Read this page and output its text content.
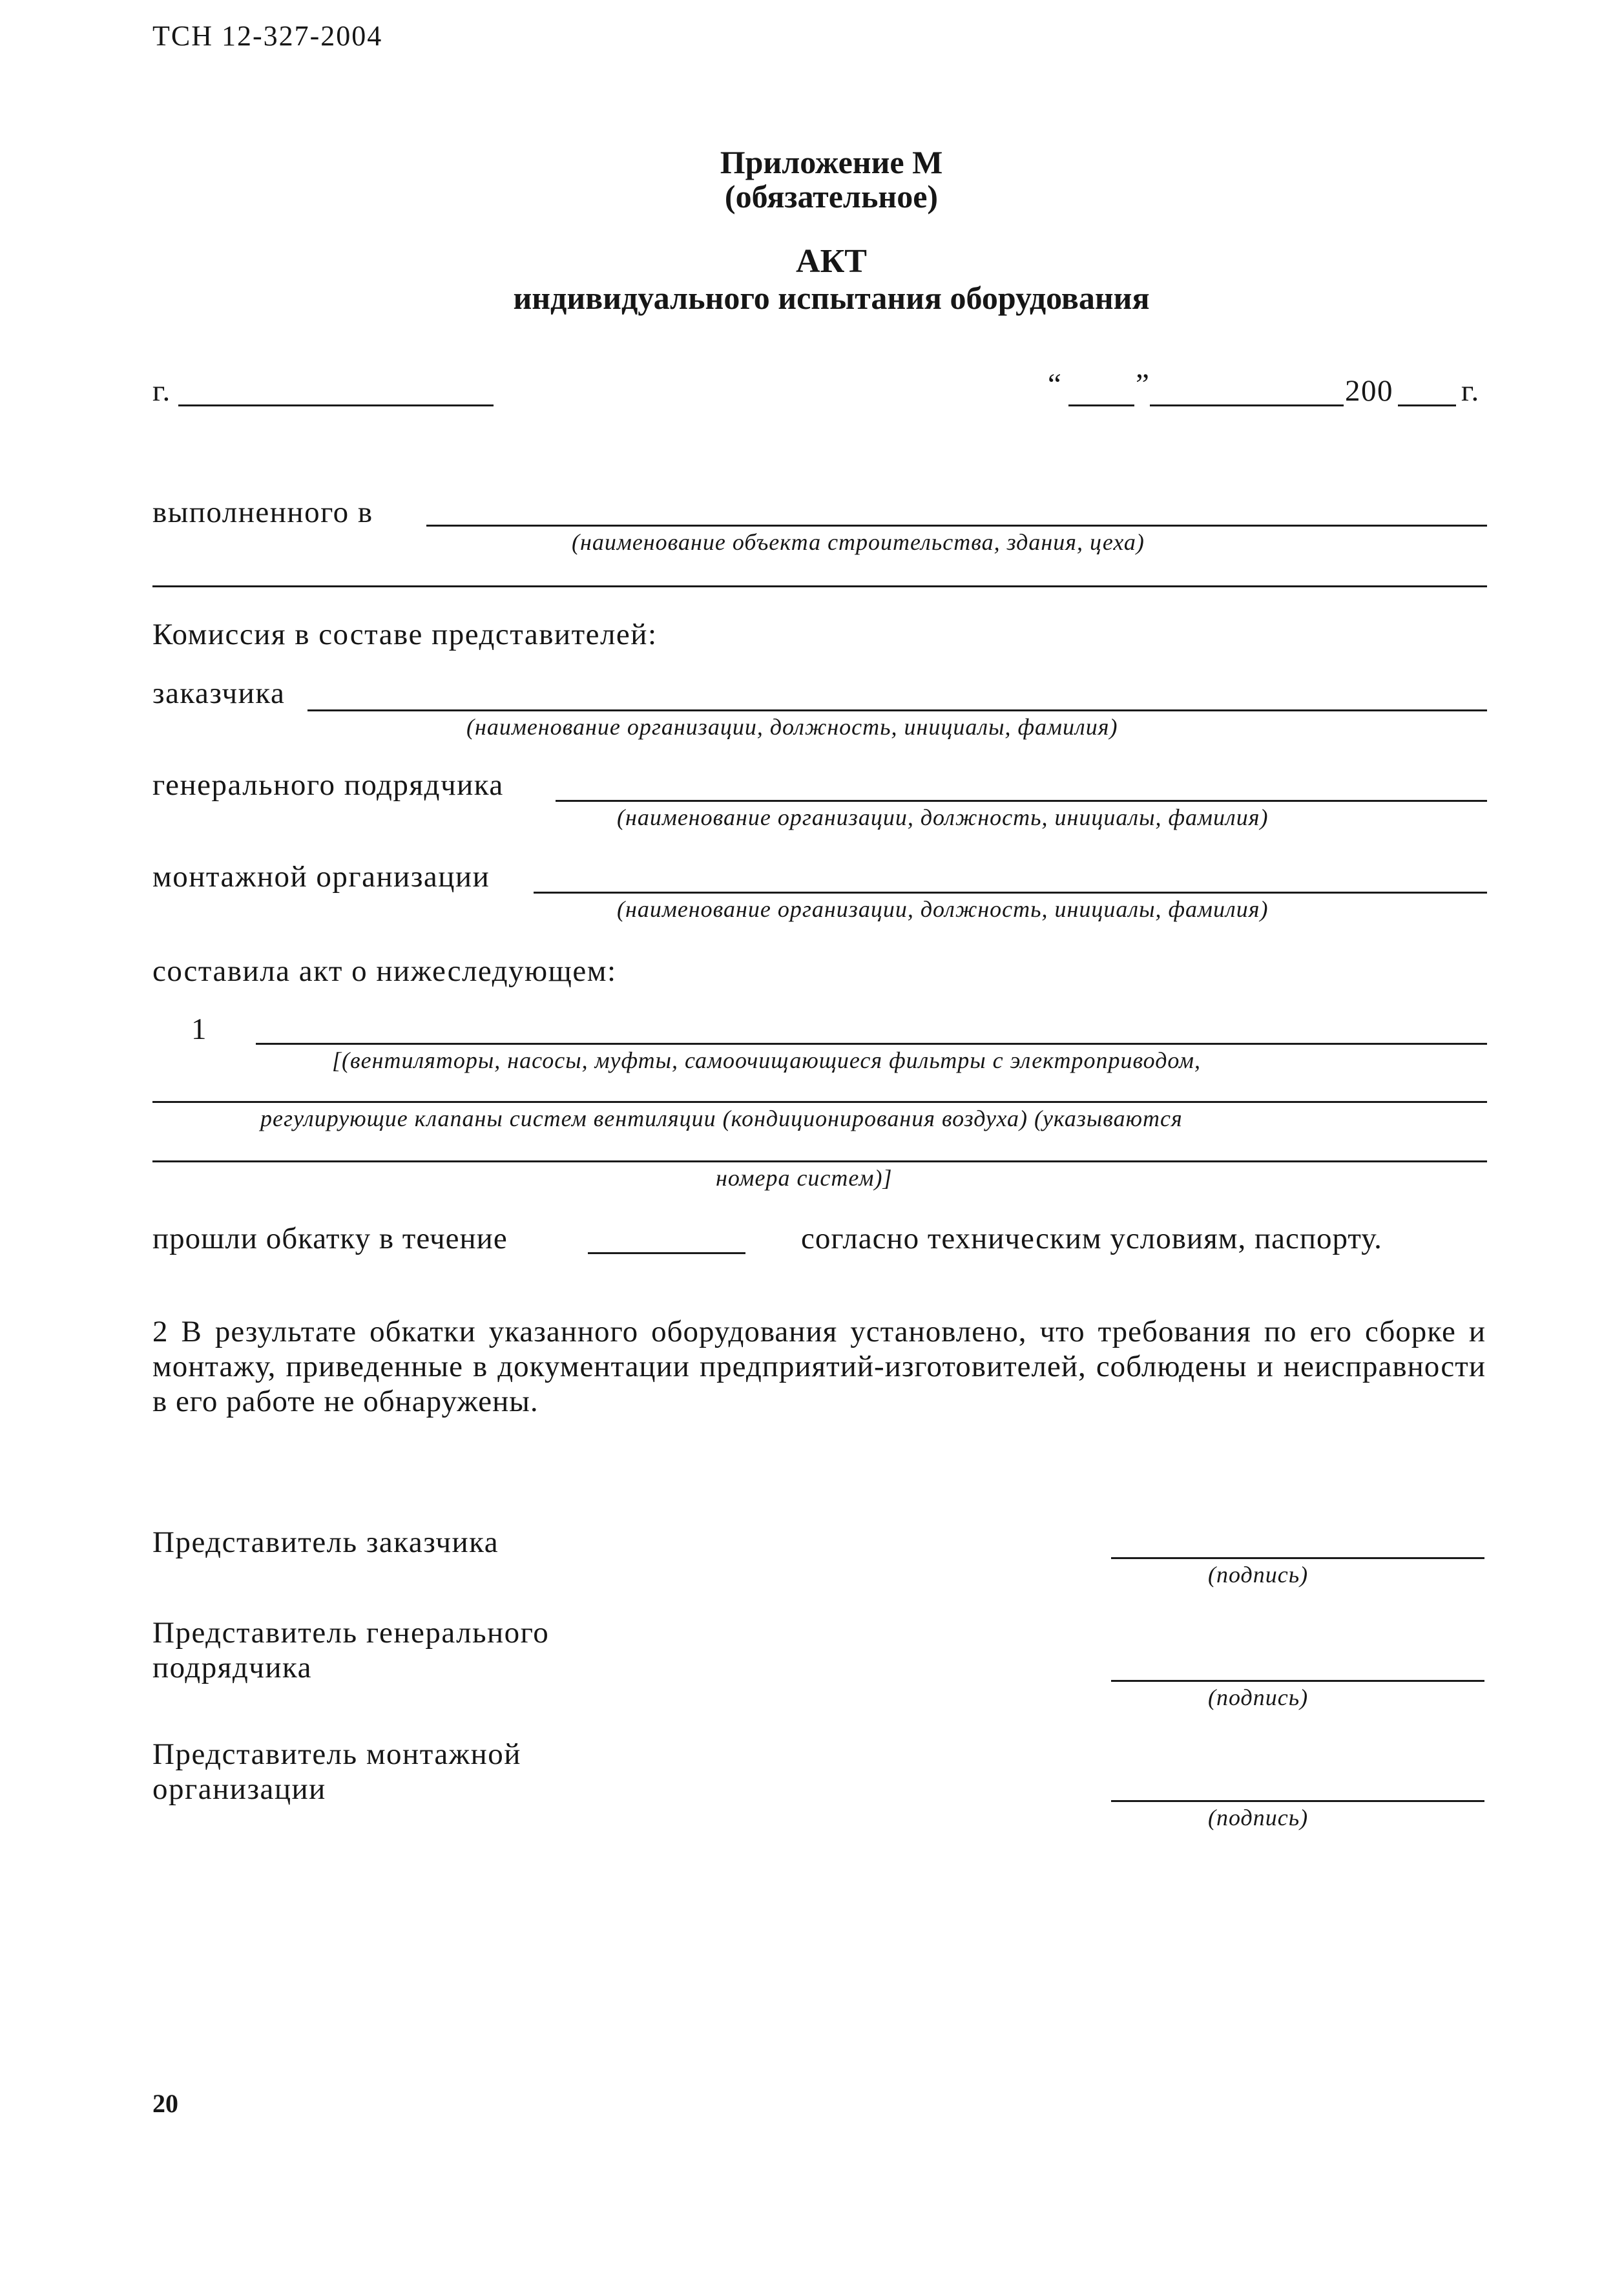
ТСН 12-327-2004
Приложение М
(обязательное)
АКТ
индивидуального испытания оборудования
г.	“ ”	200 г.
выполненного в
(наименование объекта строительства, здания, цеха)
Комиссия в составе представителей:
заказчика
(наименование организации, должность, инициалы, фамилия)
генерального подрядчика
(наименование организации, должность, инициалы, фамилия)
монтажной организации
(наименование организации, должность, инициалы, фамилия)
составила акт о нижеследующем:
1
[(вентиляторы, насосы, муфты, самоочищающиеся фильтры с электроприводом,
регулирующие клапаны систем вентиляции (кондиционирования воздуха) (указываются
номера систем)]
прошли обкатку в течение	согласно техническим условиям, паспорту.
2 В результате обкатки указанного оборудования установлено, что требования по его сборке и монтажу, приведенные в документации предприятий-изготовителей, соблюдены и неисправности в его работе не обнаружены.
Представитель заказчика
(подпись)
Представитель генерального
подрядчика
(подпись)
Представитель монтажной
организации
(подпись)
20
